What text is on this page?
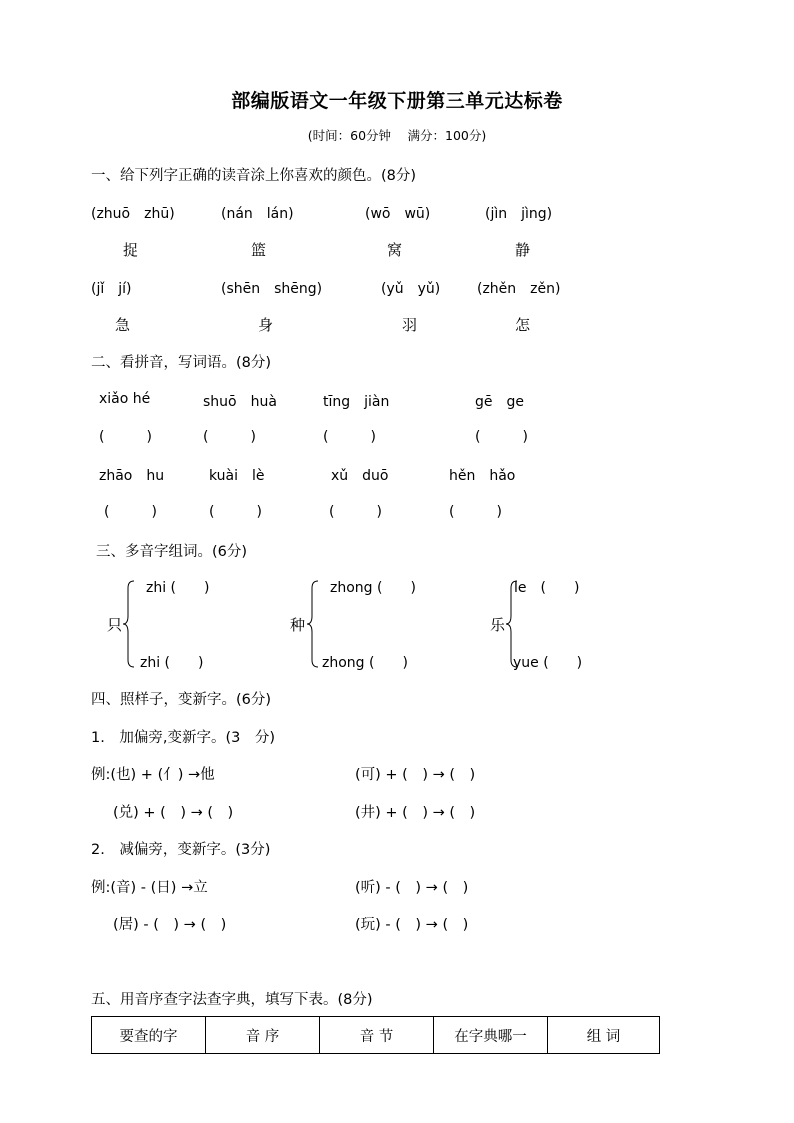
部编版语文一年级下册第三单元达标卷
(时间：60分钟　 满分：100分)
一、给下列字正确的读音涂上你喜欢的颜色。(8分)
(zhuō　zhū)	(nán　lán)	(wō　wū)	(jìn　jìng)
捉	篮	窝	静
(jǐ　jí)	(shēn　shēng)	(yǔ　yǔ)	(zhěn　zěn)
急	身	羽	怎
二、看拼音，写词语。(8分)
xiǎo hé	shuō　huà	tīng　jiàn	gē　ge
(　　　)	(　　　)	(　　　)	(　　　)
zhāo　hu	kuài　lè	xǔ　duō	hěn　hǎo
(　　　)	(　　　)	(　　　)	(　　　)
三、多音字组词。(6分)
只
zhi (　　)
zhi (　　)
种
zhong (　　)
zhong (　　)
乐
le　(　　)
yue (　　)
四、照样子，变新字。(6分)
1.　加偏旁,变新字。(3　分)
例:(也) + (亻) →他	(可) + (　) → (　)
(兑) + (　) → (　)	(井) + (　) → (　)
2.　减偏旁，变新字。(3分)
例:(音) - (日) →立	(听) - (　) → (　)
(居) - (　) → (　)	(玩) - (　) → (　)
五、用音序查字法查字典，填写下表。(8分)
要查的字	音 序	音 节	在字典哪一	组 词
